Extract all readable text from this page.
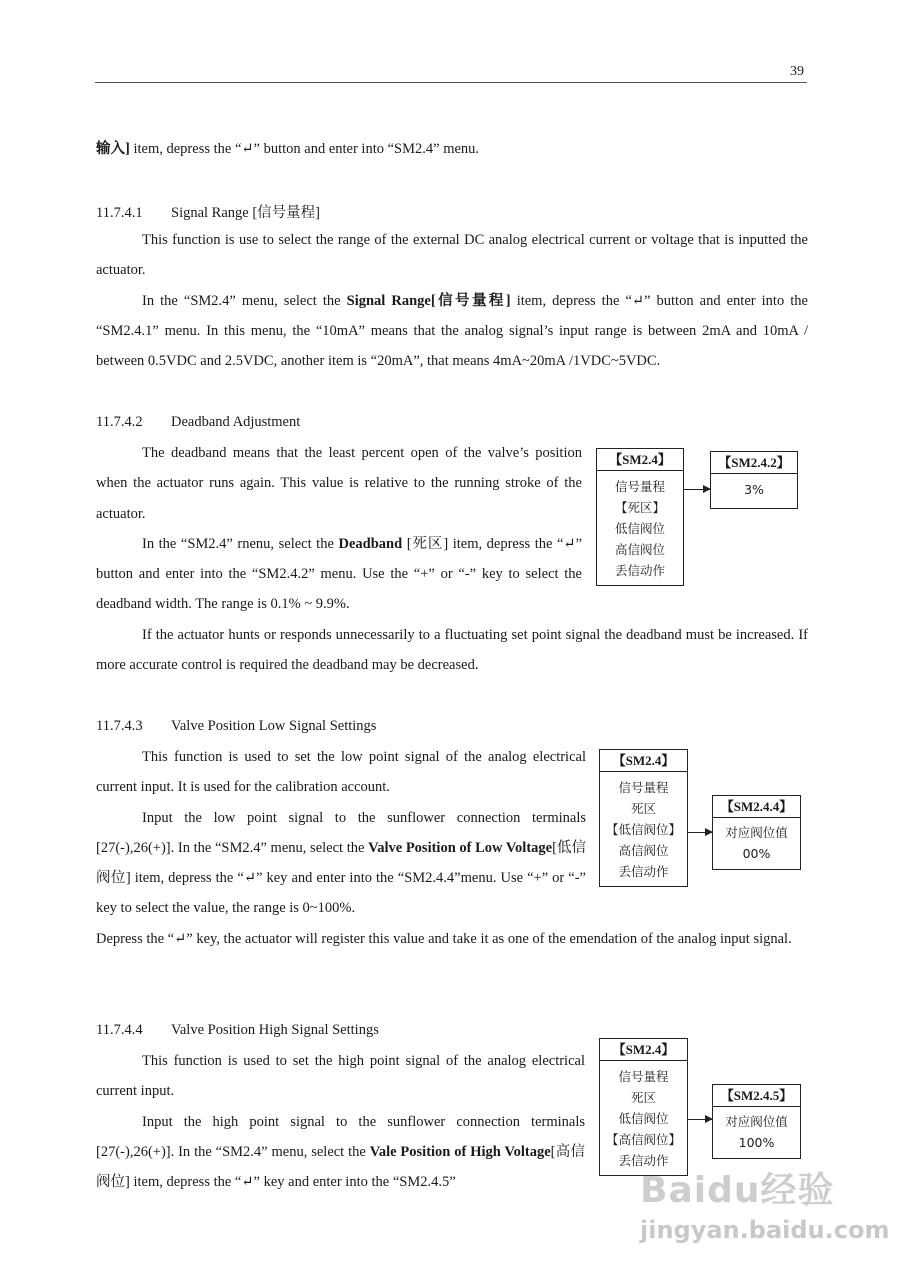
39

输入] item, depress the “↵” button and enter into “SM2.4” menu.

11.7.4.1 Signal Range [信号量程]

This function is use to select the range of the external DC analog electrical current or voltage that is inputted the actuator.

In the “SM2.4” menu, select the Signal Range[信号量程] item, depress the “↵” button and enter into the “SM2.4.1” menu. In this menu, the “10mA” means that the analog signal’s input range is between 2mA and 10mA / between 0.5VDC and 2.5VDC, another item is “20mA”, that means 4mA~20mA /1VDC~5VDC.

11.7.4.2 Deadband Adjustment

The deadband means that the least percent open of the valve’s position when the actuator runs again. This value is relative to the running stroke of the actuator.

In the “SM2.4” rnenu, select the Deadband [死区] item, depress the “↵” button and enter into the “SM2.4.2” menu. Use the “+” or “-” key to select the deadband width. The range is 0.1% ~ 9.9%.

If the actuator hunts or responds unnecessarily to a fluctuating set point signal the deadband must be increased. If more accurate control is required the deadband may be decreased.

【SM2.4】
信号量程
【死区】
低信阀位
高信阀位
丢信动作
【SM2.4.2】
3%
11.7.4.3 Valve Position Low Signal Settings

This function is used to set the low point signal of the analog electrical current input. It is used for the calibration account.

Input the low point signal to the sunflower connection terminals [27(-),26(+)]. In the “SM2.4” menu, select the Valve Position of Low Voltage[低信阀位] item, depress the “↵” key and enter into the “SM2.4.4”menu. Use “+” or “-” key to select the value, the range is 0~100%.

Depress the “↵” key, the actuator will register this value and take it as one of the emendation of the analog input signal.

【SM2.4】
信号量程
死区
【低信阀位】
高信阀位
丢信动作
【SM2.4.4】
对应阀位值
00%
11.7.4.4 Valve Position High Signal Settings

This function is used to set the high point signal of the analog electrical current input.

Input the high point signal to the sunflower connection terminals [27(-),26(+)]. In the “SM2.4” menu, select the Vale Position of High Voltage[高信阀位] item, depress the “↵” key and enter into the “SM2.4.5”

【SM2.4】
信号量程
死区
低信阀位
【高信阀位】
丢信动作
【SM2.4.5】
对应阀位值
100%
Baidu经验
jingyan.baidu.com
